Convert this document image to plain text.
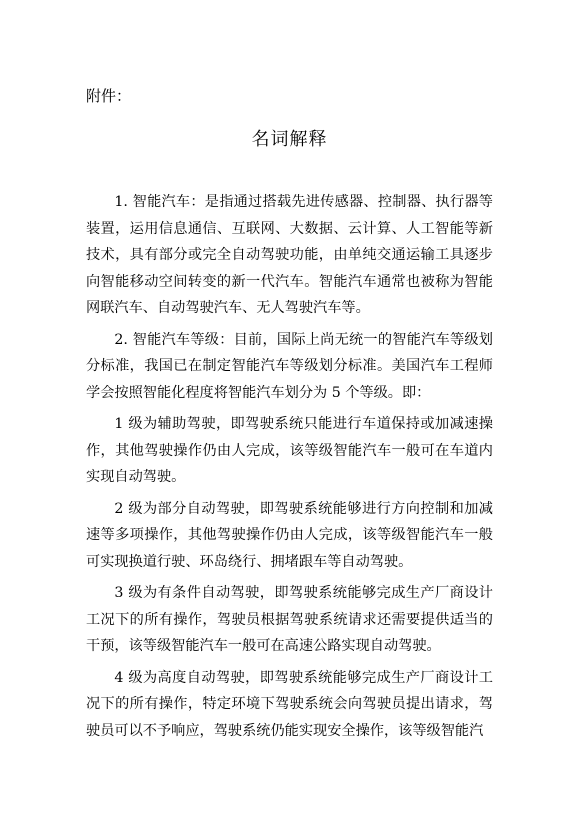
附件：
名词解释

1. 智能汽车：是指通过搭载先进传感器、控制器、执行器等装置，运用信息通信、互联网、大数据、云计算、人工智能等新技术，具有部分或完全自动驾驶功能，由单纯交通运输工具逐步向智能移动空间转变的新一代汽车。智能汽车通常也被称为智能网联汽车、自动驾驶汽车、无人驾驶汽车等。

2. 智能汽车等级：目前，国际上尚无统一的智能汽车等级划分标准，我国已在制定智能汽车等级划分标准。美国汽车工程师学会按照智能化程度将智能汽车划分为 5 个等级。即：

1 级为辅助驾驶，即驾驶系统只能进行车道保持或加减速操作，其他驾驶操作仍由人完成，该等级智能汽车一般可在车道内实现自动驾驶。

2 级为部分自动驾驶，即驾驶系统能够进行方向控制和加减速等多项操作，其他驾驶操作仍由人完成，该等级智能汽车一般可实现换道行驶、环岛绕行、拥堵跟车等自动驾驶。

3 级为有条件自动驾驶，即驾驶系统能够完成生产厂商设计工况下的所有操作，驾驶员根据驾驶系统请求还需要提供适当的干预，该等级智能汽车一般可在高速公路实现自动驾驶。

4 级为高度自动驾驶，即驾驶系统能够完成生产厂商设计工况下的所有操作，特定环境下驾驶系统会向驾驶员提出请求，驾驶员可以不予响应，驾驶系统仍能实现安全操作，该等级智能汽
